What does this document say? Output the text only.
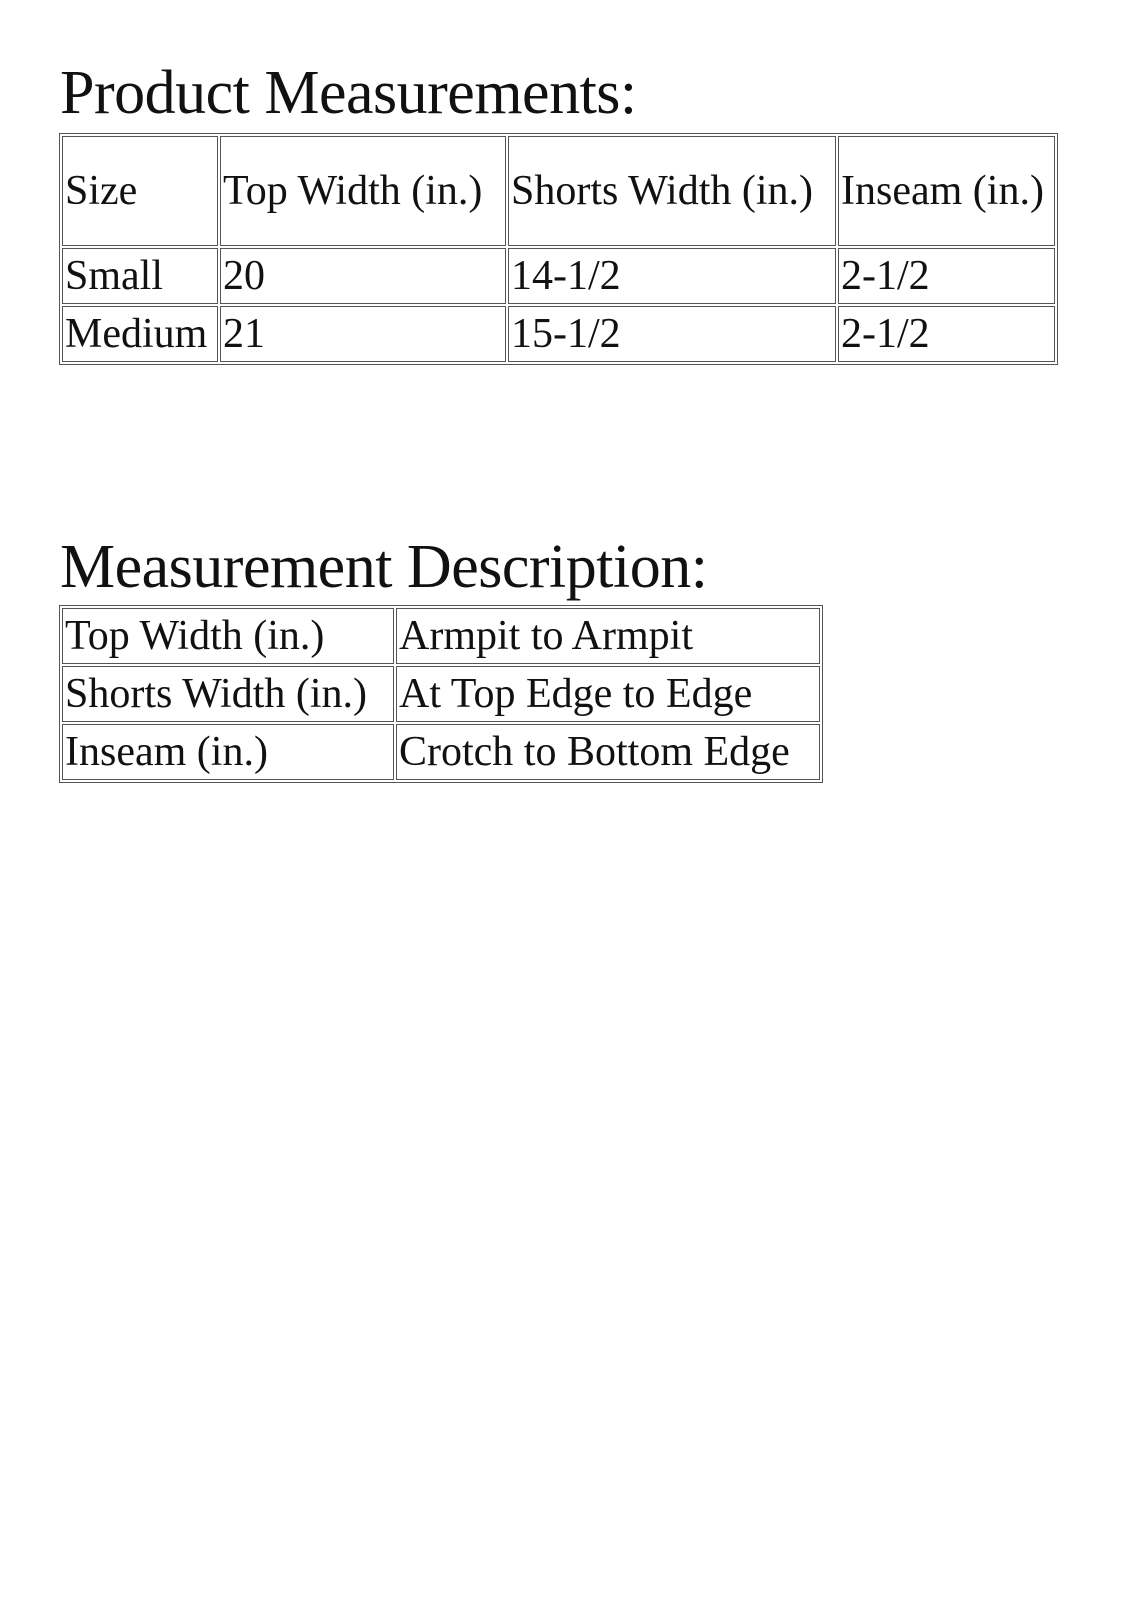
Product Measurements:
Size	Top Width (in.)	Shorts Width (in.)	Inseam (in.)
Small	20	14-1/2	2-1/2
Medium	21	15-1/2	2-1/2
Measurement Description:
Top Width (in.)	Armpit to Armpit
Shorts Width (in.)	At Top Edge to Edge
Inseam (in.)	Crotch to Bottom Edge
